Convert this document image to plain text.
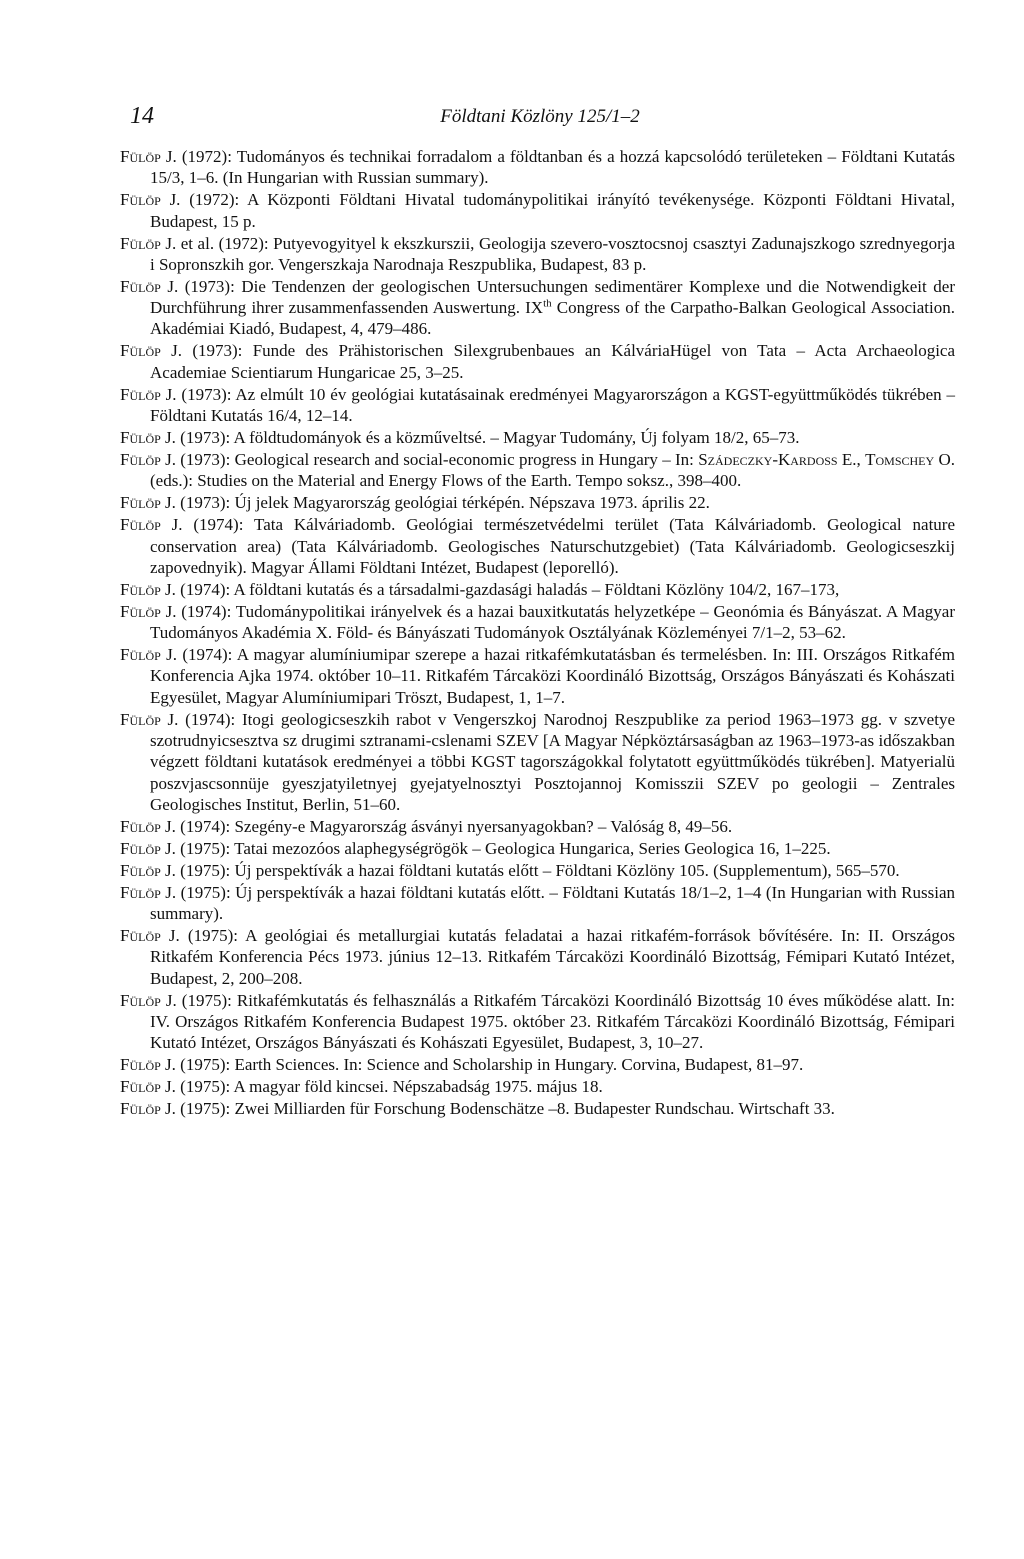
14	Földtani Közlöny 125/1–2

Fülöp J. (1972): Tudományos és technikai forradalom a földtanban és a hozzá kapcsolódó területeken – Földtani Kutatás 15/3, 1–6. (In Hungarian with Russian summary).

Fülöp J. (1972): A Központi Földtani Hivatal tudománypolitikai irányító tevékenysége. Központi Földtani Hivatal, Budapest, 15 p.

Fülöp J. et al. (1972): Putyevogyityel k ekszkurszii, Geologija szevero-vosztocsnoj csasztyi Zadunajszkogo szrednyegorja i Sopronszkih gor. Vengerszkaja Narodnaja Reszpublika, Budapest, 83 p.

Fülöp J. (1973): Die Tendenzen der geologischen Untersuchungen sedimentärer Komplexe und die Notwendigkeit der Durchführung ihrer zusammenfassenden Auswertung. IXth Congress of the Carpatho-Balkan Geological Association. Akadémiai Kiadó, Budapest, 4, 479–486.

Fülöp J. (1973): Funde des Prähistorischen Silexgrubenbaues an KálváriaHügel von Tata – Acta Archaeologica Academiae Scientiarum Hungaricae 25, 3–25.

Fülöp J. (1973): Az elmúlt 10 év geológiai kutatásainak eredményei Magyarországon a KGST-együttműködés tükrében – Földtani Kutatás 16/4, 12–14.

Fülöp J. (1973): A földtudományok és a közműveltsé. – Magyar Tudomány, Új folyam 18/2, 65–73.

Fülöp J. (1973): Geological research and social-economic progress in Hungary – In: Szádeczky-Kardoss E., Tomschey O. (eds.): Studies on the Material and Energy Flows of the Earth. Tempo soksz., 398–400.

Fülöp J. (1973): Új jelek Magyarország geológiai térképén. Népszava 1973. április 22.

Fülöp J. (1974): Tata Kálváriadomb. Geológiai természetvédelmi terület (Tata Kálváriadomb. Geological nature conservation area) (Tata Kálváriadomb. Geologisches Naturschutzgebiet) (Tata Kálváriadomb. Geologicseszkij zapovednyik). Magyar Állami Földtani Intézet, Budapest (leporelló).

Fülöp J. (1974): A földtani kutatás és a társadalmi-gazdasági haladás – Földtani Közlöny 104/2, 167–173,

Fülöp J. (1974): Tudománypolitikai irányelvek és a hazai bauxitkutatás helyzetképe – Geonómia és Bányászat. A Magyar Tudományos Akadémia X. Föld- és Bányászati Tudományok Osztályának Közleményei 7/1–2, 53–62.

Fülöp J. (1974): A magyar alumíniumipar szerepe a hazai ritkafémkutatásban és termelésben. In: III. Országos Ritkafém Konferencia Ajka 1974. október 10–11. Ritkafém Tárcaközi Koordináló Bizottság, Országos Bányászati és Kohászati Egyesület, Magyar Alumíniumipari Tröszt, Budapest, 1, 1–7.

Fülöp J. (1974): Itogi geologicseszkih rabot v Vengerszkoj Narodnoj Reszpublike za period 1963–1973 gg. v szvetye szotrudnyicsesztva sz drugimi sztranami-cslenami SZEV [A Magyar Népköztársaságban az 1963–1973-as időszakban végzett földtani kutatások eredményei a többi KGST tagországokkal folytatott együttműködés tükrében]. Matyerialü poszvjascsonnüje gyeszjatyiletnyej gyejatyelnosztyi Posztojannoj Komisszii SZEV po geologii – Zentrales Geologisches Institut, Berlin, 51–60.

Fülöp J. (1974): Szegény-e Magyarország ásványi nyersanyagokban? – Valóság 8, 49–56.

Fülöp J. (1975): Tatai mezozóos alaphegységrögök – Geologica Hungarica, Series Geologica 16, 1–225.

Fülöp J. (1975): Új perspektívák a hazai földtani kutatás előtt – Földtani Közlöny 105. (Supplementum), 565–570.

Fülöp J. (1975): Új perspektívák a hazai földtani kutatás előtt. – Földtani Kutatás 18/1–2, 1–4 (In Hungarian with Russian summary).

Fülöp J. (1975): A geológiai és metallurgiai kutatás feladatai a hazai ritkafém-források bővítésére. In: II. Országos Ritkafém Konferencia Pécs 1973. június 12–13. Ritkafém Tárcaközi Koordináló Bizottság, Fémipari Kutató Intézet, Budapest, 2, 200–208.

Fülöp J. (1975): Ritkafémkutatás és felhasználás a Ritkafém Tárcaközi Koordináló Bizottság 10 éves működése alatt. In: IV. Országos Ritkafém Konferencia Budapest 1975. október 23. Ritkafém Tárcaközi Koordináló Bizottság, Fémipari Kutató Intézet, Országos Bányászati és Kohászati Egyesület, Budapest, 3, 10–27.

Fülöp J. (1975): Earth Sciences. In: Science and Scholarship in Hungary. Corvina, Budapest, 81–97.

Fülöp J. (1975): A magyar föld kincsei. Népszabadság 1975. május 18.

Fülöp J. (1975): Zwei Milliarden für Forschung Bodenschätze –8. Budapester Rundschau. Wirtschaft 33.
